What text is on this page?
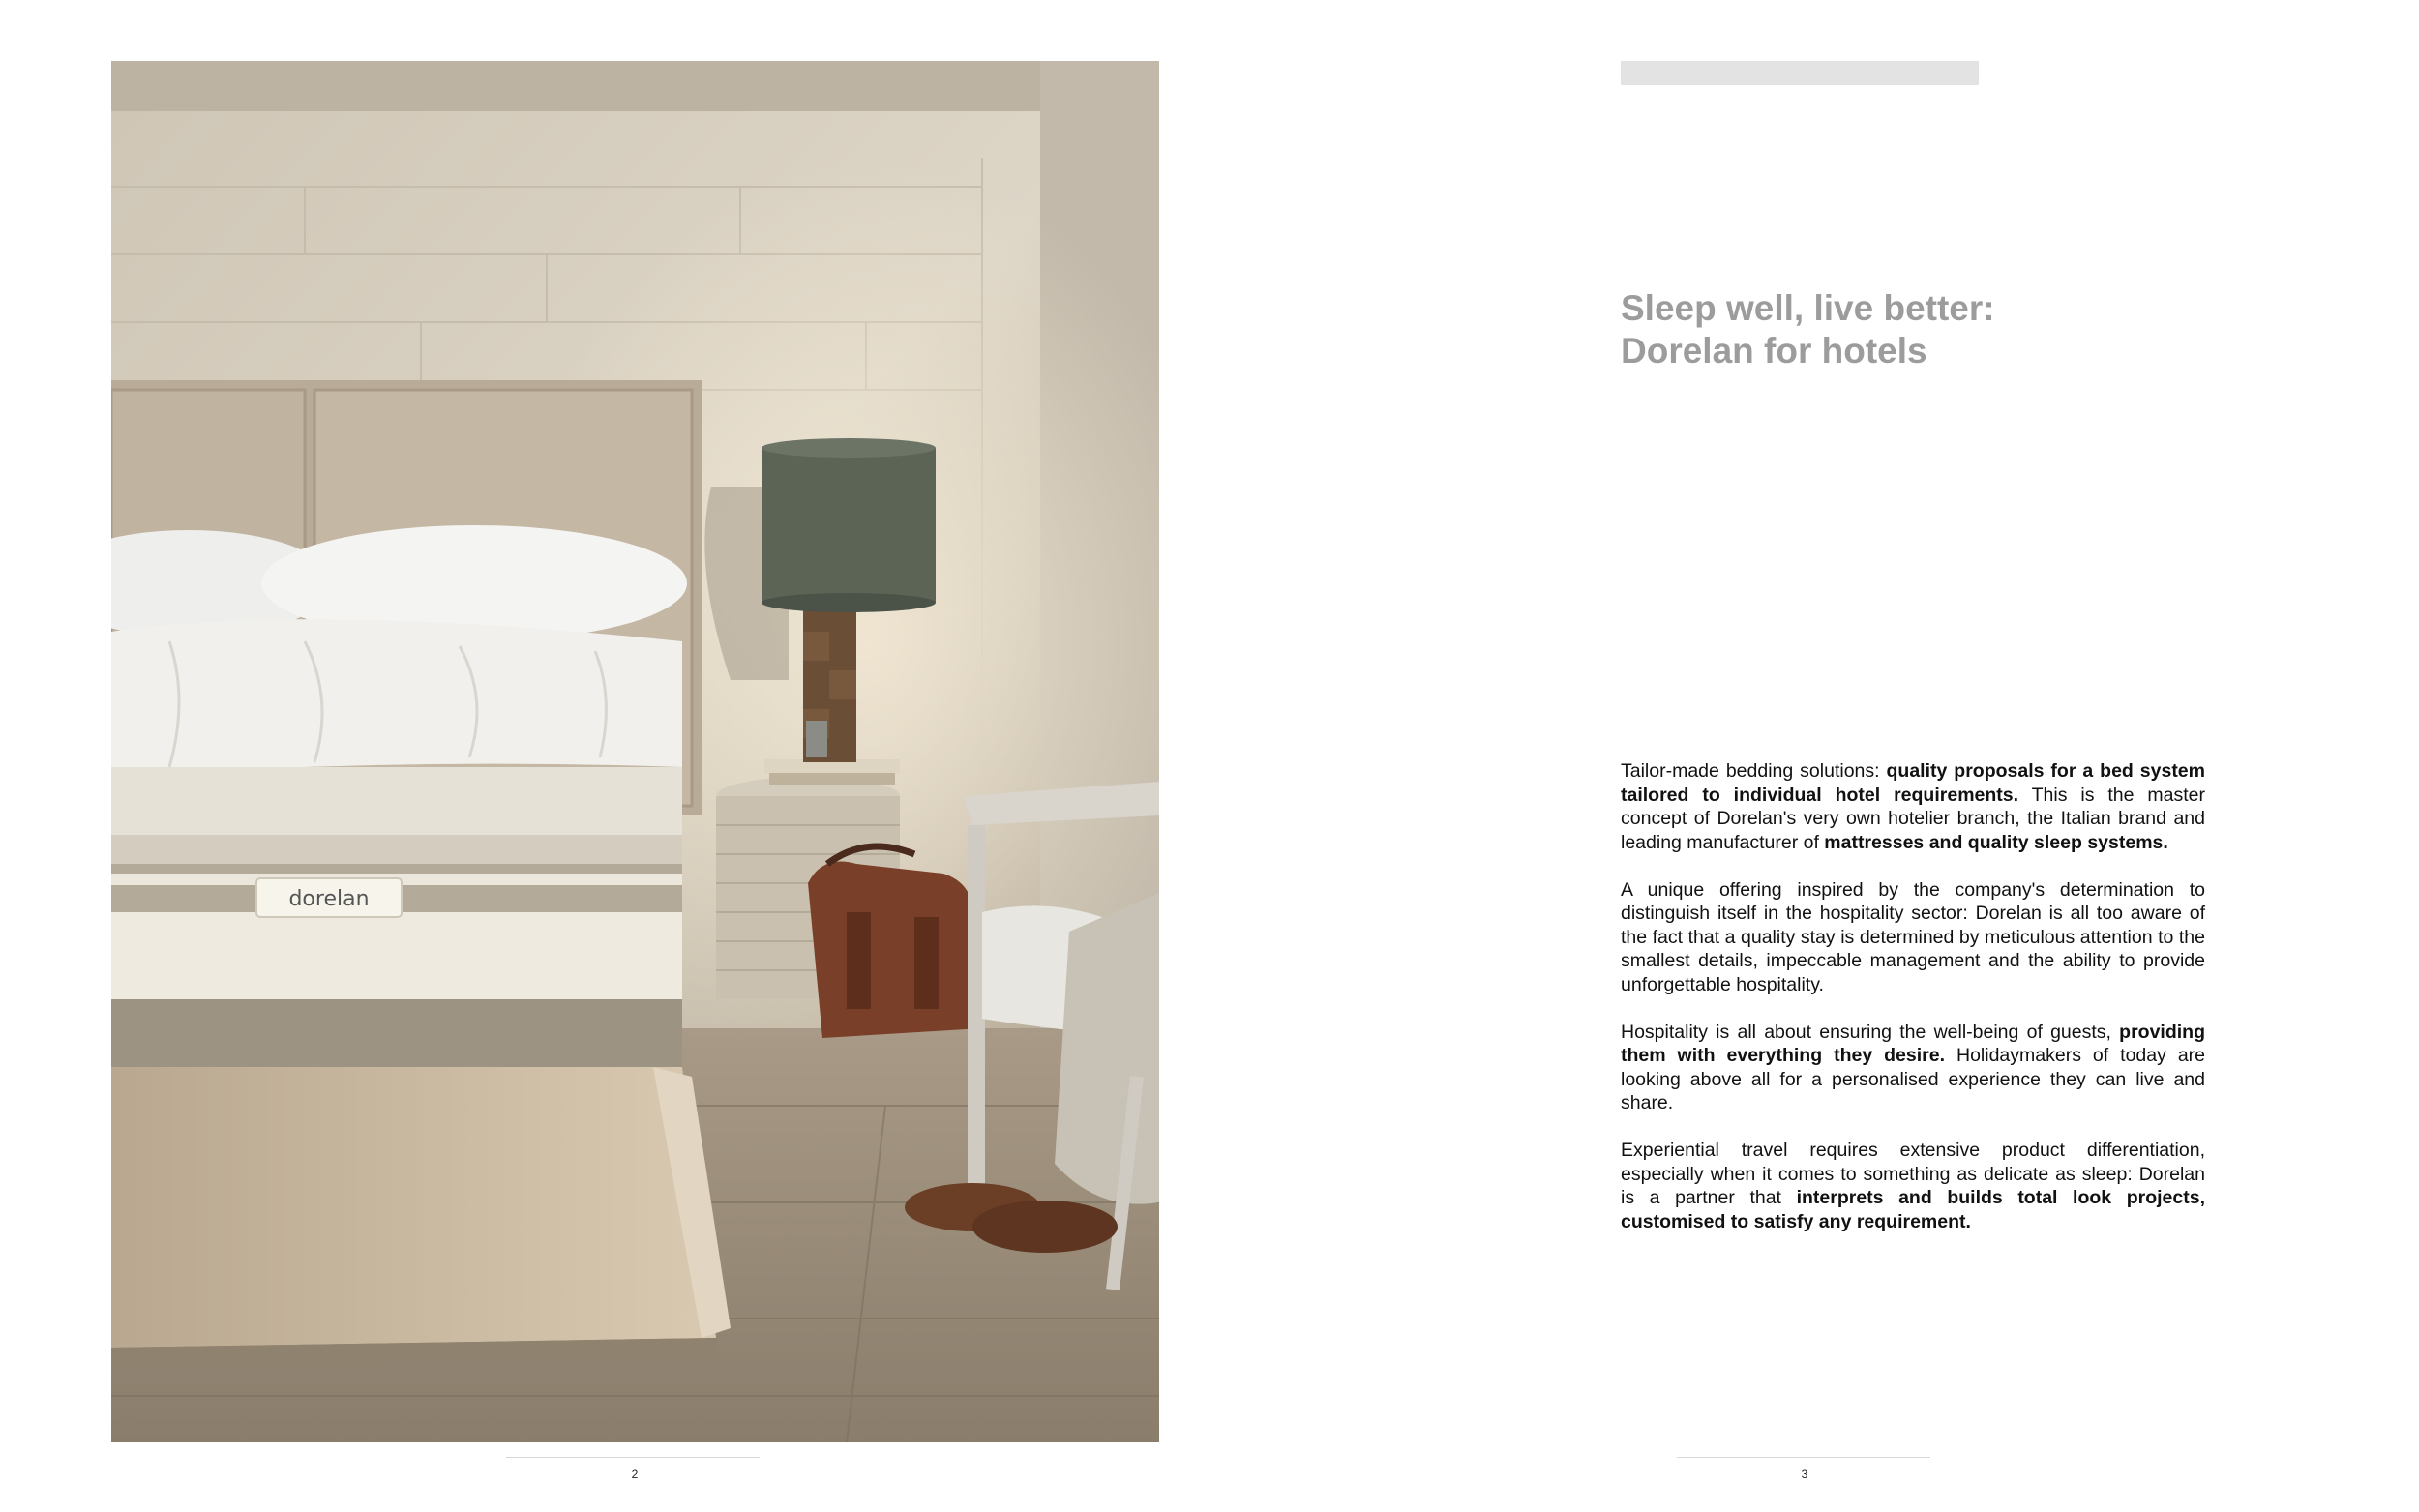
dorelan
2
Sleep well, live better:
Dorelan for hotels

Tailor-made bedding solutions: quality proposals for a bed system tailored to individual hotel requirements. This is the master concept of Dorelan's very own hotelier branch, the Italian brand and leading manufacturer of mattresses and quality sleep systems.

A unique offering inspired by the company's determination to distinguish itself in the hospitality sector: Dorelan is all too aware of the fact that a quality stay is determined by meticulous attention to the smallest details, impeccable management and the ability to provide unforgettable hospitality.

Hospitality is all about ensuring the well-being of guests, providing them with everything they desire. Holidaymakers of today are looking above all for a personalised experience they can live and share.

Experiential travel requires extensive product differentiation, especially when it comes to something as delicate as sleep: Dorelan is a partner that interprets and builds total look projects, customised to satisfy any requirement.

3
